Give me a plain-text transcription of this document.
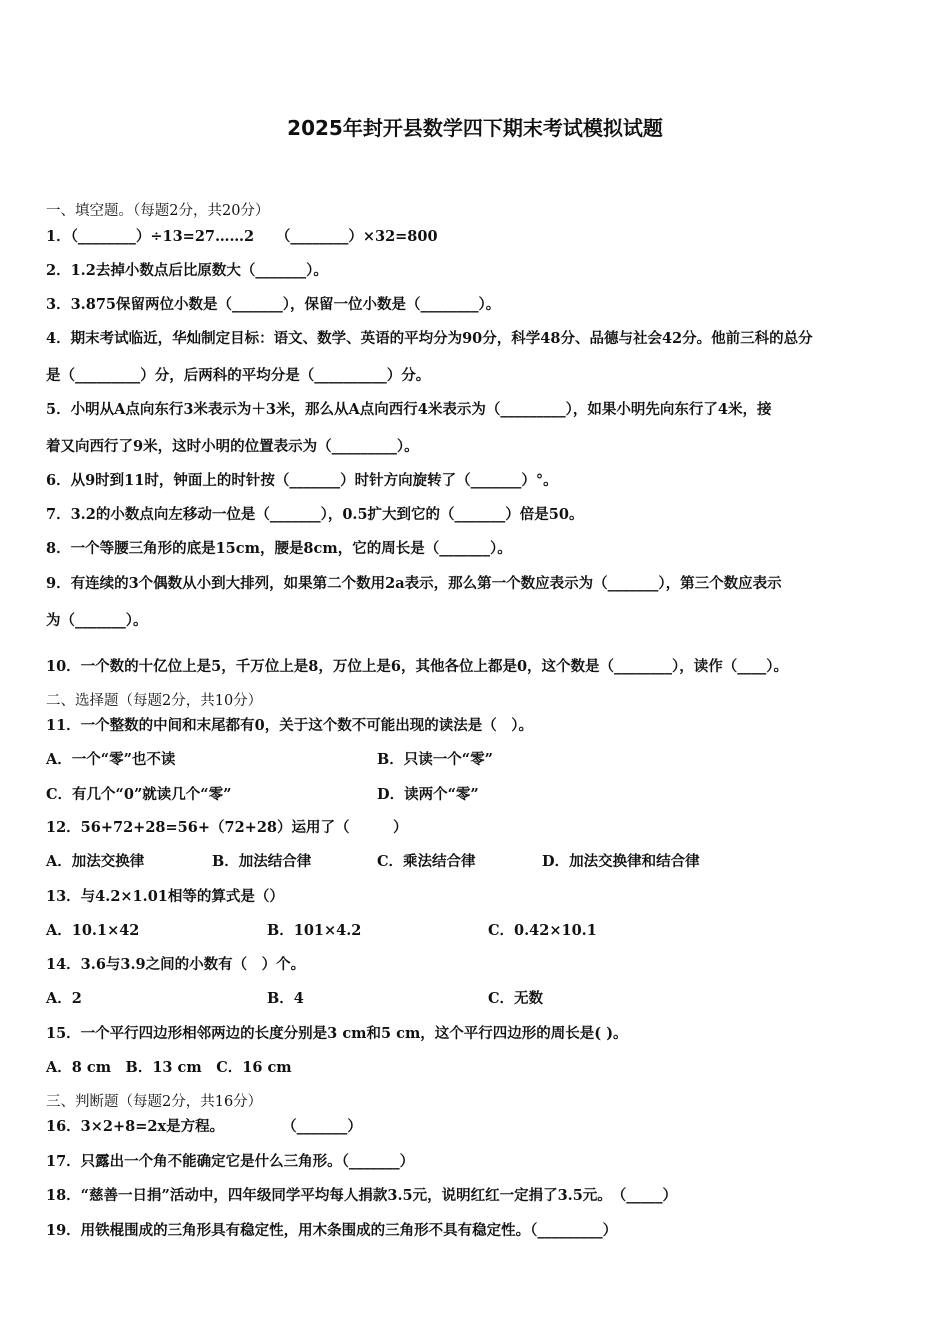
2025年封开县数学四下期末考试模拟试题
一、填空题。（每题2分，共20分）
1．（________）÷13=27……2　　（________）×32=800
2．1.2去掉小数点后比原数大（_______）。
3．3.875保留两位小数是（_______），保留一位小数是（________）。
4．期末考试临近，华灿制定目标：语文、数学、英语的平均分为90分，科学48分、品德与社会42分。他前三科的总分
是（_________）分，后两科的平均分是（__________）分。
5．小明从A点向东行3米表示为＋3米，那么从A点向西行4米表示为（_________），如果小明先向东行了4米，接
着又向西行了9米，这时小明的位置表示为（_________）。
6．从9时到11时，钟面上的时针按（_______）时针方向旋转了（_______）°。
7．3.2的小数点向左移动一位是（_______），0.5扩大到它的（_______）倍是50。
8．一个等腰三角形的底是15cm，腰是8cm，它的周长是（_______）。
9．有连续的3个偶数从小到大排列，如果第二个数用2a表示，那么第一个数应表示为（_______），第三个数应表示
为（_______）。
10．一个数的十亿位上是5，千万位上是8，万位上是6，其他各位上都是0，这个数是（________），读作（____）。
二、选择题（每题2分，共10分）
11．一个整数的中间和末尾都有0，关于这个数不可能出现的读法是（　）。
A．一个“零”也不读	B．只读一个“零”
C．有几个“0”就读几个“零”	D．读两个“零”
12．56+72+28=56+（72+28）运用了（　　　）
A．加法交换律	B．加法结合律	C．乘法结合律	D．加法交换律和结合律
13．与4.2×1.01相等的算式是（）
A．10.1×42	B．101×4.2	C．0.42×10.1
14．3.6与3.9之间的小数有（　）个。
A．2	B．4	C．无数
15．一个平行四边形相邻两边的长度分别是3 cm和5 cm，这个平行四边形的周长是( )。
A．8 cm　B．13 cm　C．16 cm
三、判断题（每题2分，共16分）
16．3×2+8=2x是方程。　　　　　（_______）
17．只露出一个角不能确定它是什么三角形。（_______）
18．“慈善一日捐”活动中，四年级同学平均每人捐款3.5元，说明红红一定捐了3.5元。　（_____）
19．用铁棍围成的三角形具有稳定性，用木条围成的三角形不具有稳定性。（_________）
